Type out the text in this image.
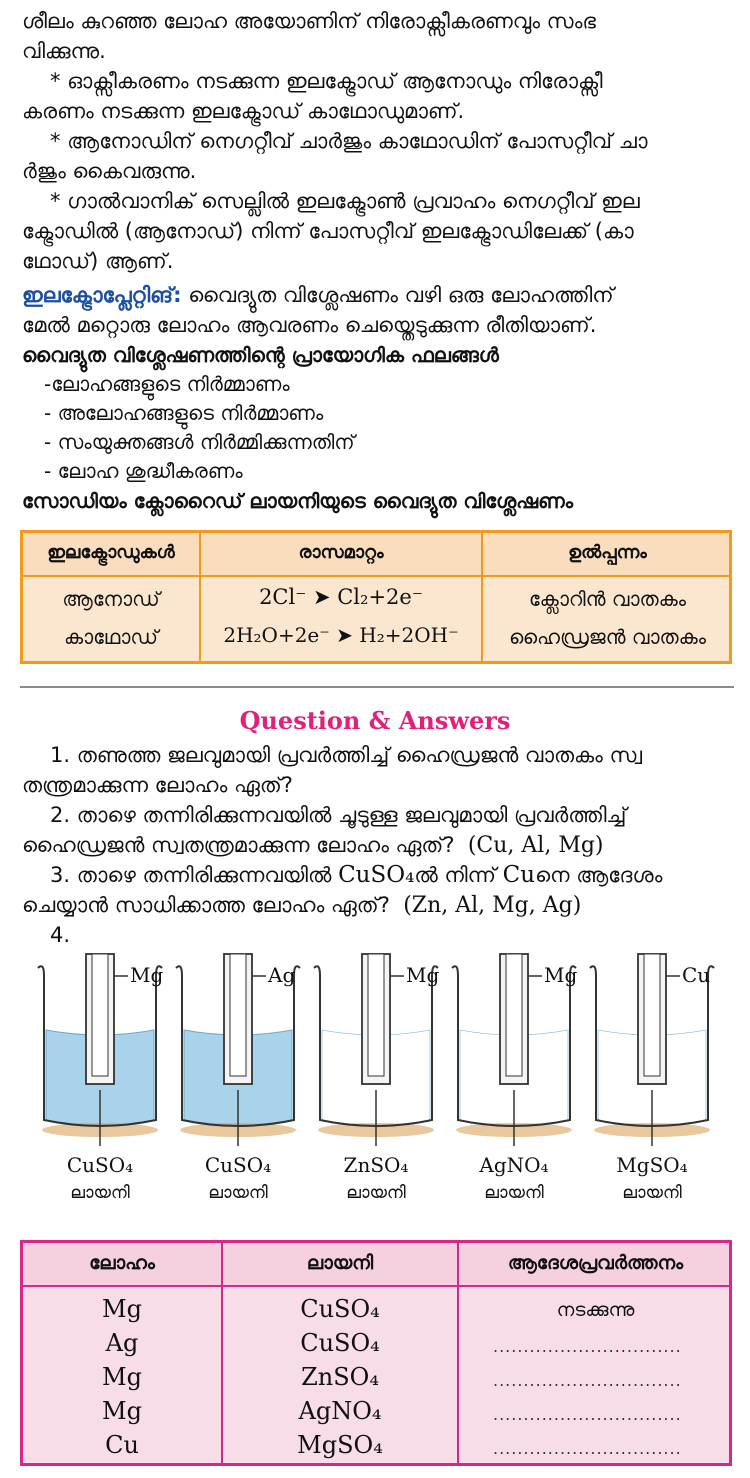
ശീലം കുറഞ്ഞ ലോഹ അയോണിന് നിരോക്സീകരണവും സംഭ
വിക്കുന്നു.
* ഓക്സീകരണം നടക്കുന്ന ഇലക്ട്രോഡ് ആനോഡും നിരോക്സീ
കരണം നടക്കുന്ന ഇലക്ട്രോഡ് കാഥോഡുമാണ്.
* ആനോഡിന് നെഗറ്റീവ് ചാർജും കാഥോഡിന് പോസറ്റീവ് ചാ
ർജും കൈവരുന്നു.
* ഗാൽവാനിക് സെല്ലിൽ ഇലക്ട്രോൺ പ്രവാഹം നെഗറ്റീവ് ഇല
ക്ട്രോഡിൽ (ആനോഡ്) നിന്ന് പോസറ്റീവ് ഇലക്ട്രോഡിലേക്ക് (കാ
ഥോഡ്) ആണ്.
ഇലക്ട്രോപ്ലേറ്റിങ്: വൈദ്യുത വിശ്ലേഷണം വഴി ഒരു ലോഹത്തിന്
മേൽ മറ്റൊരു ലോഹം ആവരണം ചെയ്തെടുക്കുന്ന രീതിയാണ്.
വൈദ്യുത വിശ്ലേഷണത്തിന്റെ പ്രായോഗിക ഫലങ്ങൾ
-ലോഹങ്ങളുടെ നിർമ്മാണം
- അലോഹങ്ങളുടെ നിർമ്മാണം
- സംയുക്തങ്ങൾ നിർമ്മിക്കുന്നതിന്
- ലോഹ ശുദ്ധീകരണം
സോഡിയം ക്ലോറൈഡ് ലായനിയുടെ വൈദ്യുത വിശ്ലേഷണം
ഇലക്ട്രോഡുകൾ	രാസമാറ്റം	ഉൽപ്പന്നം
ആനോഡ്	2Cl⁻ ➤ Cl₂+2e⁻	ക്ലോറിൻ വാതകം
കാഥോഡ്	2H₂O+2e⁻ ➤ H₂+2OH⁻	ഹൈഡ്രജൻ വാതകം
Question & Answers
1. തണുത്ത ജലവുമായി പ്രവർത്തിച്ച് ഹൈഡ്രജൻ വാതകം സ്വ
തന്ത്രമാക്കുന്ന ലോഹം ഏത്?
2. താഴെ തന്നിരിക്കുന്നവയിൽ ചൂടുള്ള ജലവുമായി പ്രവർത്തിച്ച്
ഹൈഡ്രജൻ സ്വതന്ത്രമാക്കുന്ന ലോഹം ഏത്? (Cu, Al, Mg)
3. താഴെ തന്നിരിക്കുന്നവയിൽ CuSO₄ൽ നിന്ന് Cuനെ ആദേശം
ചെയ്യാൻ സാധിക്കാത്ത ലോഹം ഏത്? (Zn, Al, Mg, Ag)
4.
Mg
CuSO₄
ലായനി
Ag
CuSO₄
ലായനി
Mg
ZnSO₄
ലായനി
Mg
AgNO₄
ലായനി
Cu
MgSO₄
ലായനി
ലോഹം	ലായനി	ആദേശപ്രവർത്തനം
Mg	CuSO₄	നടക്കുന്നു
Ag	CuSO₄	...............................
Mg	ZnSO₄	...............................
Mg	AgNO₄	...............................
Cu	MgSO₄	...............................
